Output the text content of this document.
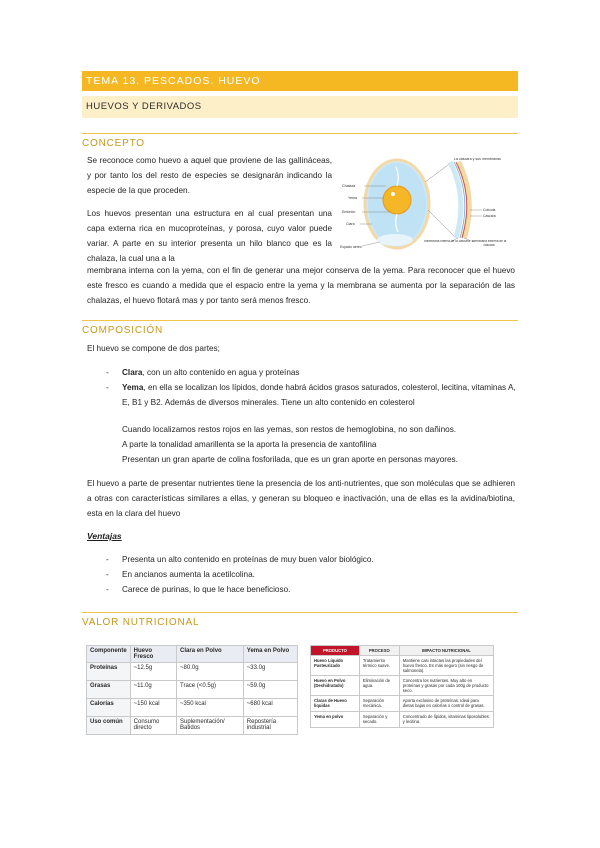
TEMA 13. PESCADOS. HUEVO
HUEVOS Y DERIVADOS
CONCEPTO

Se reconoce como huevo a aquel que proviene de las gallináceas, y por tanto los del resto de especies se designarán indicando la especie de la que proceden.

Los huevos presentan una estructura en al cual presentan una capa externa rica en mucoproteínas, y porosa, cuyo valor puede variar. A parte en su interior presenta un hilo blanco que es la chalaza, la cual una a la

membrana interna con la yema, con el fin de generar una mejor conserva de la yema. Para reconocer que el huevo este fresco es cuando a medida que el espacio entre la yema y la membrana se aumenta por la separación de las chalazas, el huevo flotará mas y por tanto será menos fresco.

Chalaza
Yema
Embrión
Clara
Espacio aéreo
La cáscara y sus membranas
Cutícula
Cáscara
Membrana interna de la cáscara Membrana externa de la cáscara
COMPOSICIÓN

El huevo se compone de dos partes;

- Clara, con un alto contenido en agua y proteínas
- Yema, en ella se localizan los lípidos, donde habrá ácidos grasos saturados, colesterol, lecitina, vitaminas A, E, B1 y B2. Además de diversos minerales. Tiene un alto contenido en colesterol

Cuando localizamos restos rojos en las yemas, son restos de hemoglobina, no son dañinos.

A parte la tonalidad amarillenta se la aporta la presencia de xantofilina

Presentan un gran aparte de colina fosforilada, que es un gran aporte en personas mayores.

El huevo a parte de presentar nutrientes tiene la presencia de los anti-nutrientes, que son moléculas que se adhieren a otras con características similares a ellas, y generan su bloqueo e inactivación, una de ellas es la avidina/biotina, esta en la clara del huevo

Ventajas
- Presenta un alto contenido en proteínas de muy buen valor biológico.
- En ancianos aumenta la acetilcolina.
- Carece de purinas, lo que le hace beneficioso.
VALOR NUTRICIONAL
Componente	Huevo Fresco	Clara en Polvo	Yema en Polvo
Proteínas	~12.5g	~80.0g	~33.0g
Grasas	~11.0g	Trace (<0.5g)	~59.0g
Calorías	~150 kcal	~350 kcal	~680 kcal
Uso común	Consumo directo	Suplementación/ Batidos	Repostería industrial
PRODUCTO	PROCESO	IMPACTO NUTRICIONAL
Huevo Líquido Pasteurizado	Tratamiento térmico suave.	Mantiene casi intactas las propiedades del huevo fresco. Es más seguro (sin riesgo de salmonela).
Huevo en Polvo (Deshidratado)	Eliminación de agua.	Concentra los nutrientes. Muy alto en proteínas y grasas por cada 100g de producto seco.
Claras de Huevo líquidas	Separación mecánica.	Aporta exclusivo de proteínas. Ideal para dietas bajas en calorías o control de grasas.
Yema en polvo	Separación y secado.	Concentrado de lípidos, vitaminas liposolubles y lecitina.
